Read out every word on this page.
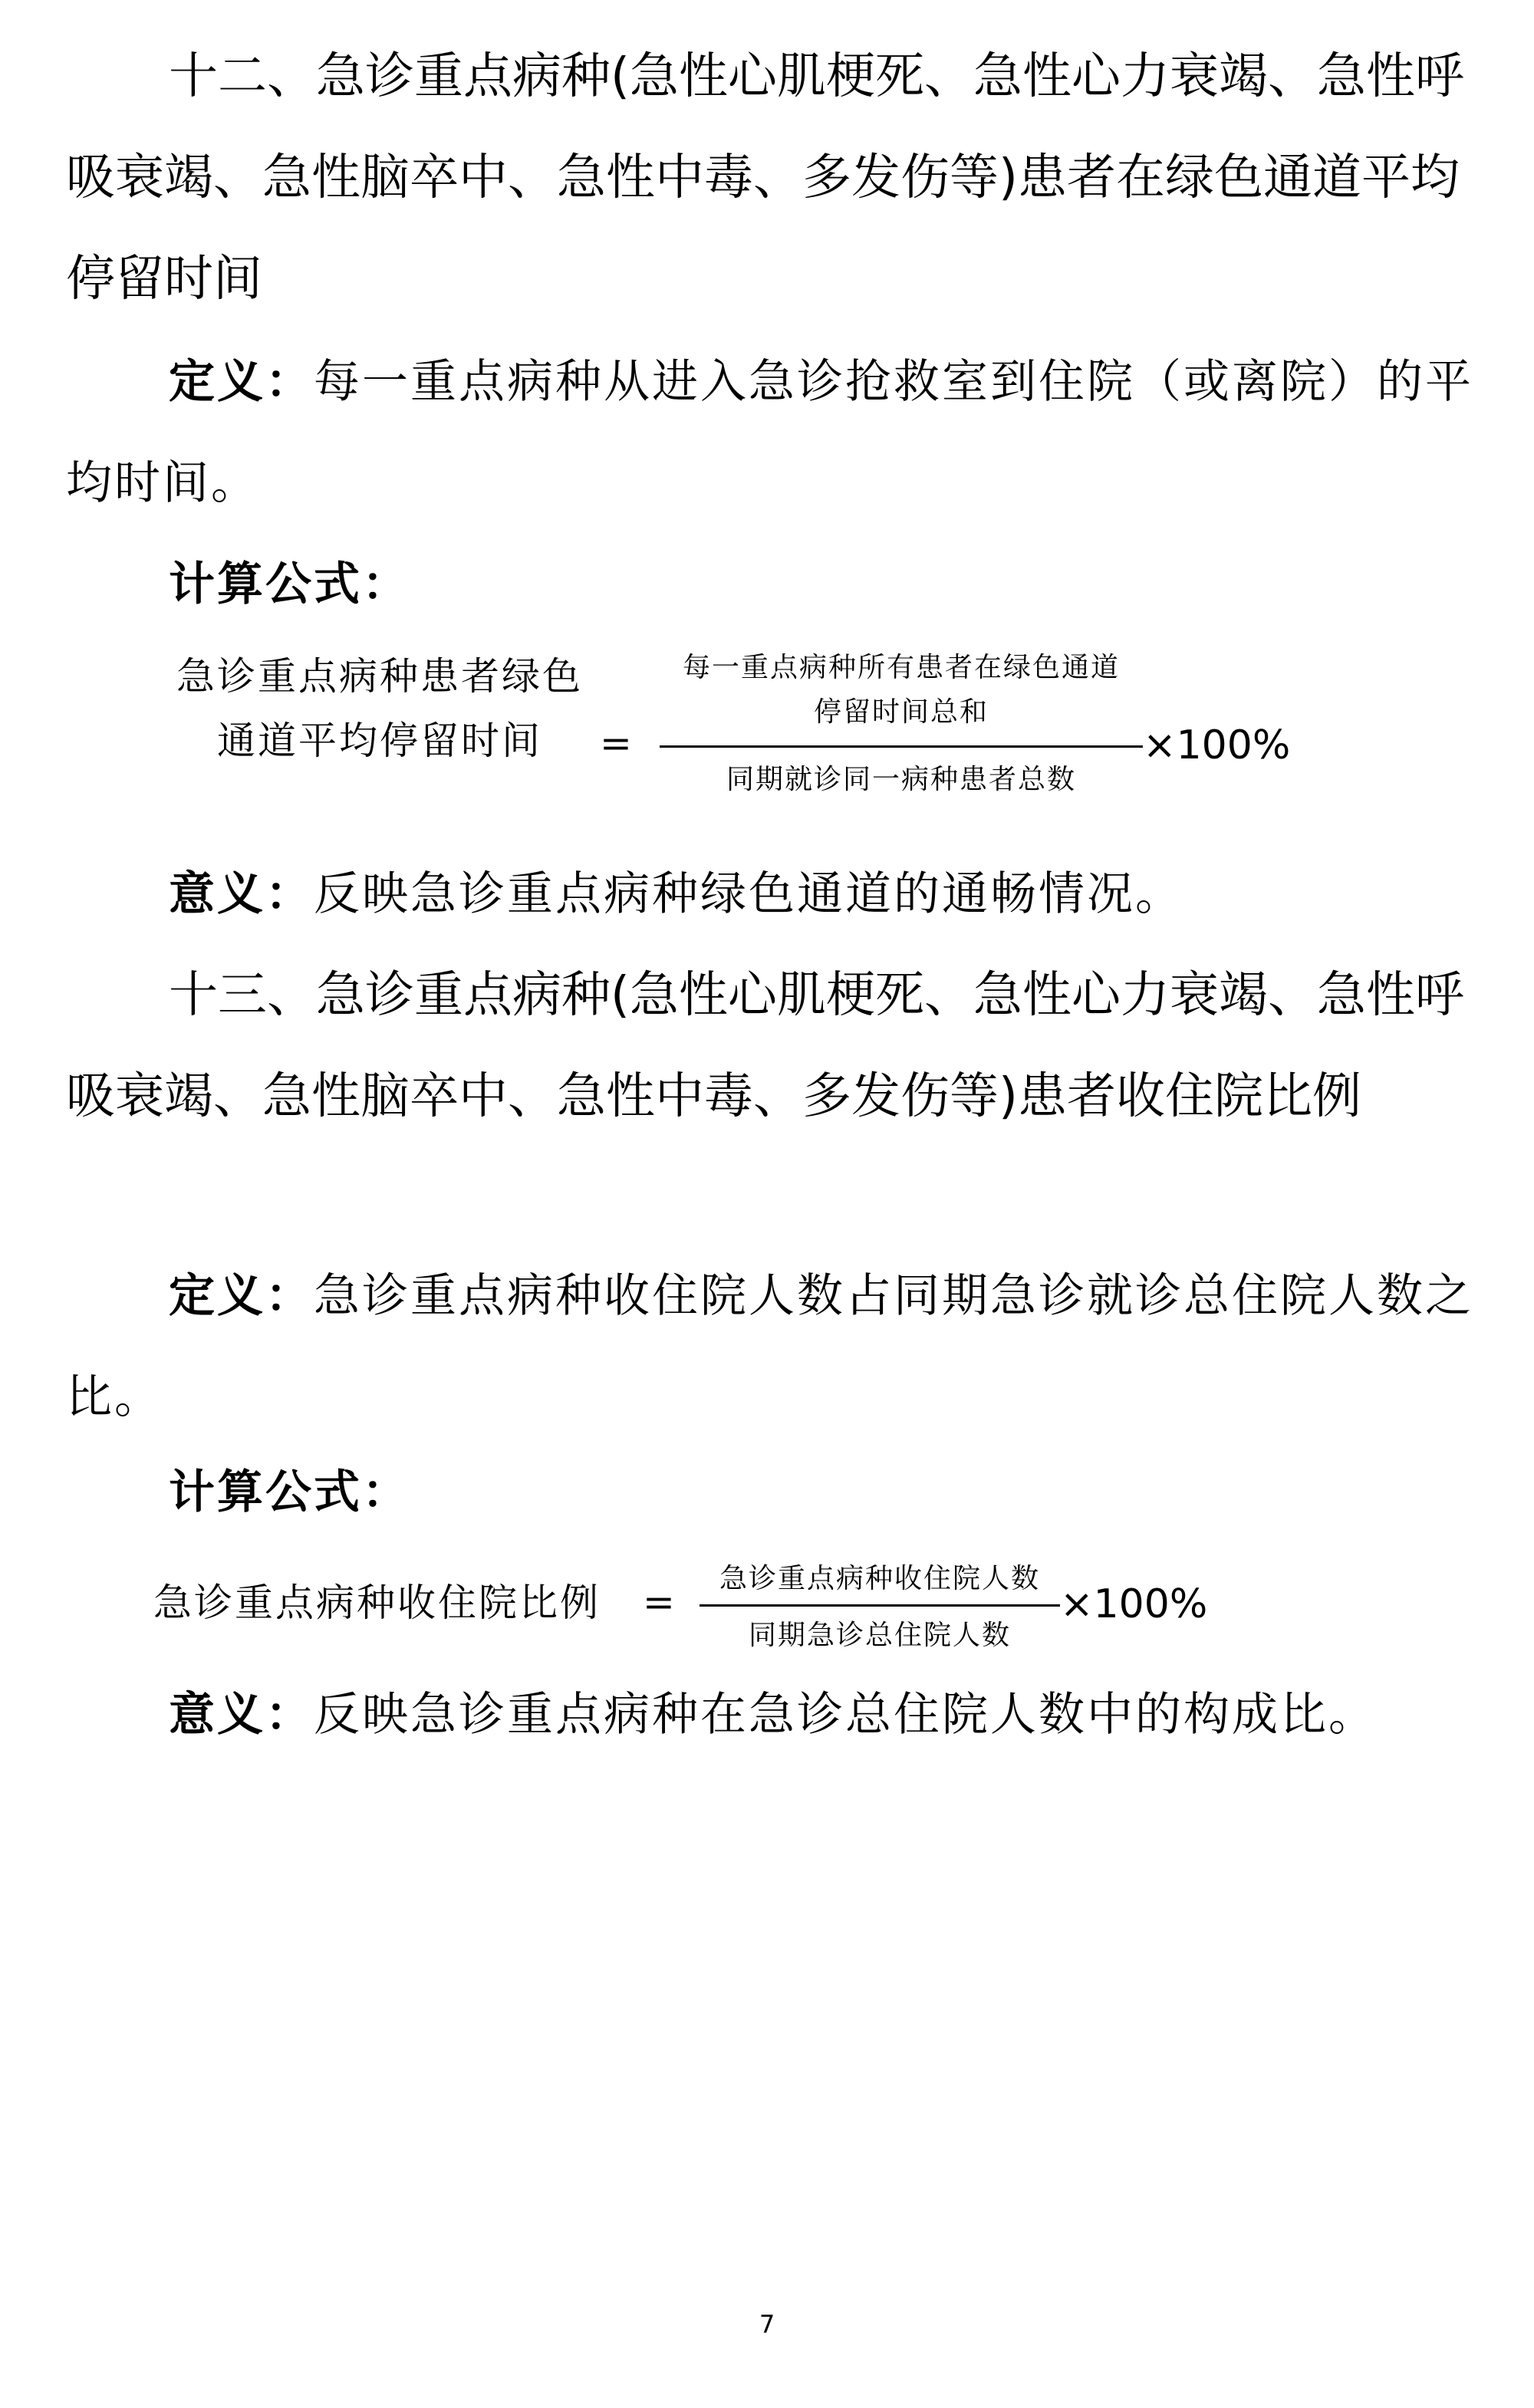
十二、急诊重点病种(急性心肌梗死、急性心力衰竭、急性呼吸衰竭、急性脑卒中、急性中毒、多发伤等)患者在绿色通道平均停留时间
定义：每一重点病种从进入急诊抢救室到住院（或离院）的平均时间。
计算公式：
急诊重点病种患者绿色
通道平均停留时间	=
每一重点病种所有患者在绿色通道
停留时间总和
同期就诊同一病种患者总数
×100%
意义：反映急诊重点病种绿色通道的通畅情况。
十三、急诊重点病种(急性心肌梗死、急性心力衰竭、急性呼吸衰竭、急性脑卒中、急性中毒、多发伤等)患者收住院比例
定义：急诊重点病种收住院人数占同期急诊就诊总住院人数之比。
计算公式：
急诊重点病种收住院比例	=
急诊重点病种收住院人数
同期急诊总住院人数
×100%
意义：反映急诊重点病种在急诊总住院人数中的构成比。
7
